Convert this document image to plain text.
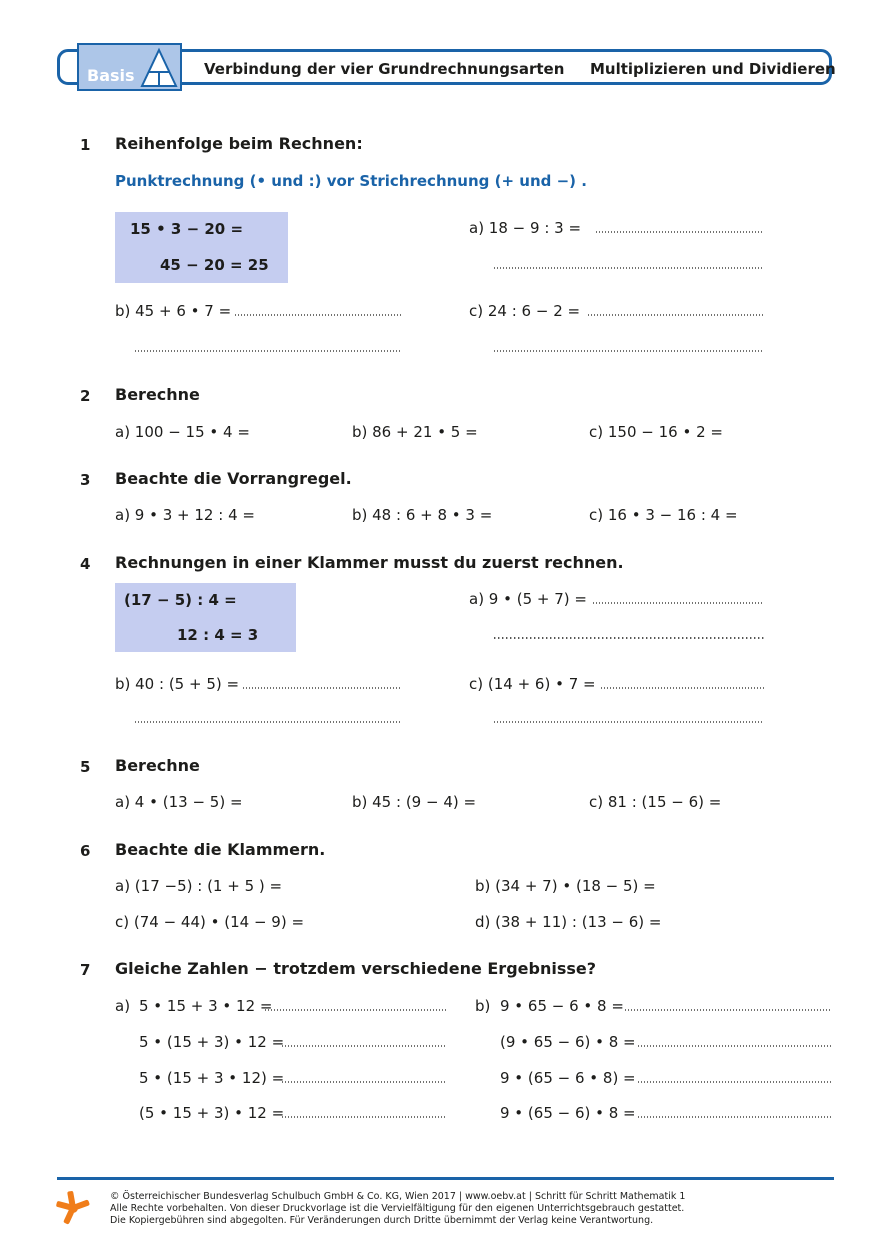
Basis	Verbindung der vier Grundrechnungsarten Multiplizieren und Dividieren
1 Reihenfolge beim Rechnen:
Punktrechnung (• und :) vor Strichrechnung (+ und −) .
15 • 3 − 20 =
45 − 20 = 25
a) 18 − 9 : 3 =
b) 45 + 6 • 7 =	c) 24 : 6 − 2 =
2 Berechne
a) 100 − 15 • 4 =	b) 86 + 21 • 5 =	c) 150 − 16 • 2 =
3 Beachte die Vorrangregel.
a) 9 • 3 + 12 : 4 =	b) 48 : 6 + 8 • 3 =	c) 16 • 3 − 16 : 4 =
4 Rechnungen in einer Klammer musst du zuerst rechnen.
(17 − 5) : 4 =
12 : 4 = 3
a) 9 • (5 + 7) =
b) 40 : (5 + 5) =	c) (14 + 6) • 7 =
5 Berechne
a) 4 • (13 − 5) =	b) 45 : (9 − 4) =	c) 81 : (15 − 6) =
6 Beachte die Klammern.
a) (17 −5) : (1 + 5 ) =	b) (34 + 7) • (18 − 5) =
c) (74 − 44) • (14 − 9) =	d) (38 + 11) : (13 − 6) =
7 Gleiche Zahlen − trotzdem verschiedene Ergebnisse?
a) 5 • 15 + 3 • 12 =
5 • (15 + 3) • 12 =
5 • (15 + 3 • 12) =
(5 • 15 + 3) • 12 =
b) 9 • 65 − 6 • 8 =
(9 • 65 − 6) • 8 =
9 • (65 − 6 • 8) =
9 • (65 − 6) • 8 =
© Österreichischer Bundesverlag Schulbuch GmbH & Co. KG, Wien 2017 | www.oebv.at | Schritt für Schritt Mathematik 1
Alle Rechte vorbehalten. Von dieser Druckvorlage ist die Vervielfältigung für den eigenen Unterrichtsgebrauch gestattet.
Die Kopiergebühren sind abgegolten. Für Veränderungen durch Dritte übernimmt der Verlag keine Verantwortung.
